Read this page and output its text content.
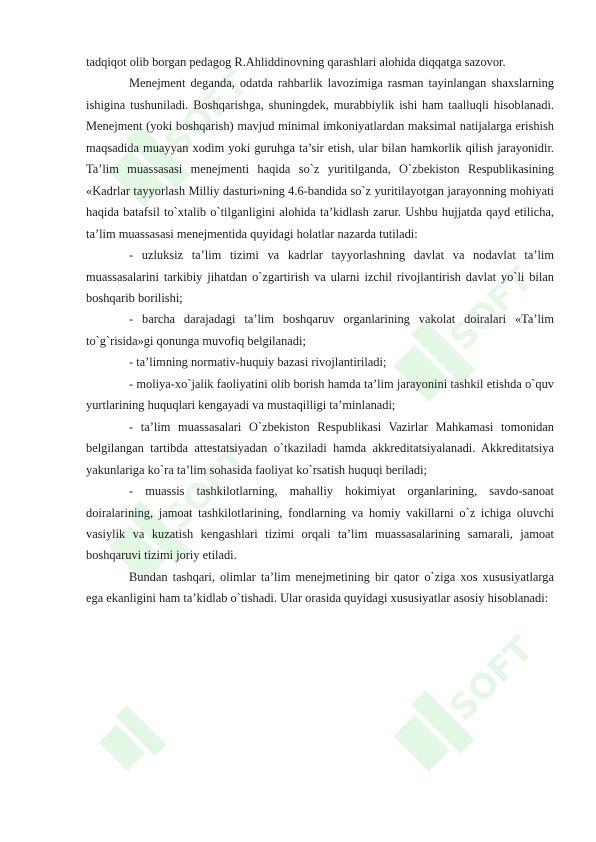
SOFT
SOFT
SOFT
SOFT

tadqiqot olib borgan pedagog R.Ahliddinovning qarashlari alohida diqqatga sazovor.

Menejment deganda, odatda rahbarlik lavozimiga rasman tayinlangan shaxslarning ishigina tushuniladi. Boshqarishga, shuningdek, murabbiylik ishi ham taalluqli hisoblanadi. Menejment (yoki boshqarish) mavjud minimal imkoniyatlardan maksimal natijalarga erishish maqsadida muayyan xodim yoki guruhga ta’sir etish, ular bilan hamkorlik qilish jarayonidir. Ta’lim muassasasi menejmenti haqida so`z yuritilganda, O`zbekiston Respublikasining «Kadrlar tayyorlash Milliy dasturi»ning 4.6-bandida so`z yuritilayotgan jarayonning mohiyati haqida batafsil to`xtalib o`tilganligini alohida ta’kidlash zarur. Ushbu hujjatda qayd etilicha, ta’lim muassasasi menejmentida quyidagi holatlar nazarda tutiladi:

- uzluksiz ta’lim tizimi va kadrlar tayyorlashning davlat va nodavlat ta’lim muassasalarini tarkibiy jihatdan o`zgartirish va ularni izchil rivojlantirish davlat yo`li bilan boshqarib borilishi;

- barcha darajadagi ta’lim boshqaruv organlarining vakolat doiralari «Ta’lim to`g`risida»gi qonunga muvofiq belgilanadi;

- ta’limning normativ-huquiy bazasi rivojlantiriladi;

- moliya-xo`jalik faoliyatini olib borish hamda ta’lim jarayonini tashkil etishda o`quv yurtlarining huquqlari kengayadi va mustaqilligi ta’minlanadi;

- ta’lim muassasalari O`zbekiston Respublikasi Vazirlar Mahkamasi tomonidan belgilangan tartibda attestatsiyadan o`tkaziladi hamda akkreditatsiyalanadi. Akkreditatsiya yakunlariga ko`ra ta’lim sohasida faoliyat ko`rsatish huquqi beriladi;

- muassis tashkilotlarning, mahalliy hokimiyat organlarining, savdo-sanoat doiralarining, jamoat tashkilotlarining, fondlarning va homiy vakillarni o`z ichiga oluvchi vasiylik va kuzatish kengashlari tizimi orqali ta’lim muassasalarining samarali, jamoat boshqaruvi tizimi joriy etiladi.

Bundan tashqari, olimlar ta’lim menejmetining bir qator o`ziga xos xususiyatlarga ega ekanligini ham ta’kidlab o`tishadi. Ular orasida quyidagi xususiyatlar asosiy hisoblanadi:
